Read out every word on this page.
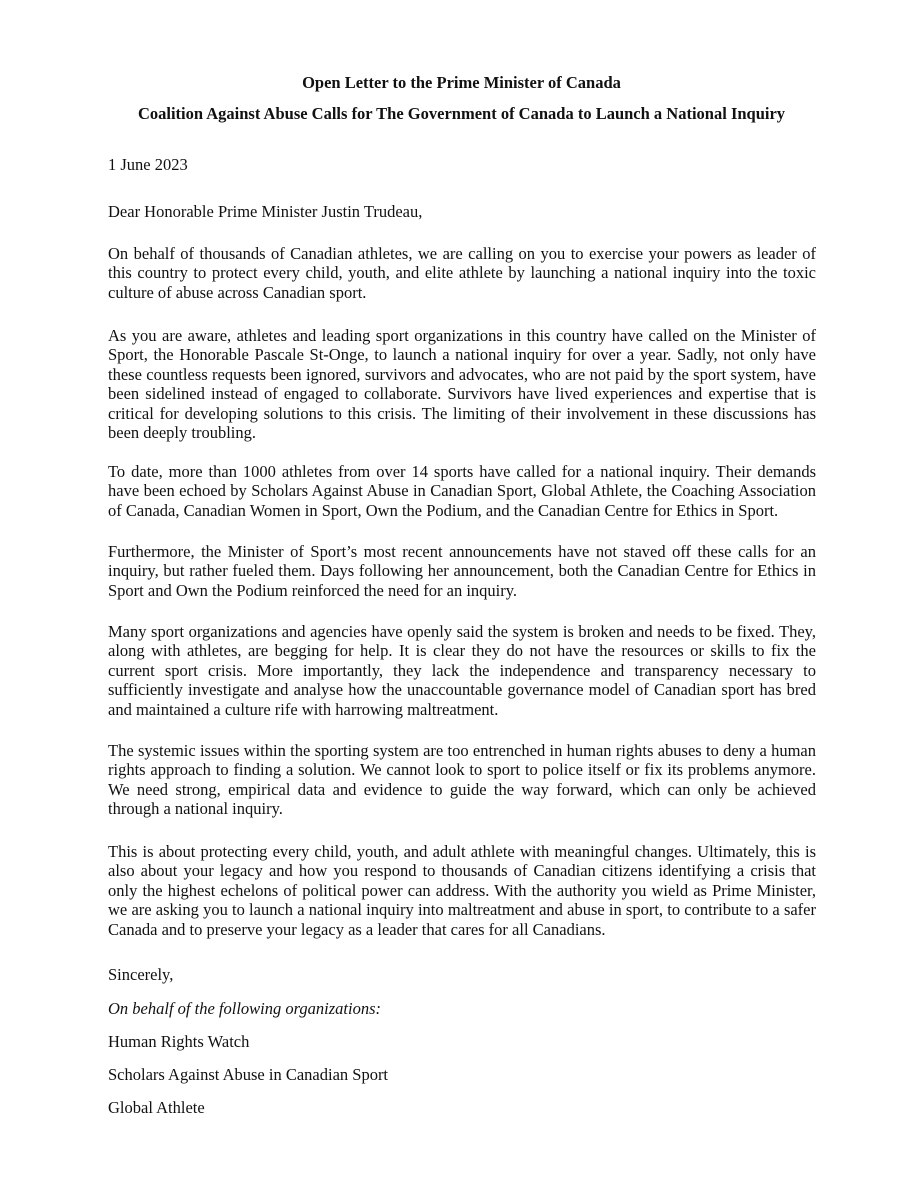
Open Letter to the Prime Minister of Canada
Coalition Against Abuse Calls for The Government of Canada to Launch a National Inquiry

1 June 2023

Dear Honorable Prime Minister Justin Trudeau,

On behalf of thousands of Canadian athletes, we are calling on you to exercise your powers as leader of this country to protect every child, youth, and elite athlete by launching a national inquiry into the toxic culture of abuse across Canadian sport.

As you are aware, athletes and leading sport organizations in this country have called on the Minister of Sport, the Honorable Pascale St-Onge, to launch a national inquiry for over a year. Sadly, not only have these countless requests been ignored, survivors and advocates, who are not paid by the sport system, have been sidelined instead of engaged to collaborate. Survivors have lived experiences and expertise that is critical for developing solutions to this crisis. The limiting of their involvement in these discussions has been deeply troubling.

To date, more than 1000 athletes from over 14 sports have called for a national inquiry. Their demands have been echoed by Scholars Against Abuse in Canadian Sport, Global Athlete, the Coaching Association of Canada, Canadian Women in Sport, Own the Podium, and the Canadian Centre for Ethics in Sport.

Furthermore, the Minister of Sport’s most recent announcements have not staved off these calls for an inquiry, but rather fueled them. Days following her announcement, both the Canadian Centre for Ethics in Sport and Own the Podium reinforced the need for an inquiry.

Many sport organizations and agencies have openly said the system is broken and needs to be fixed. They, along with athletes, are begging for help. It is clear they do not have the resources or skills to fix the current sport crisis. More importantly, they lack the independence and transparency necessary to sufficiently investigate and analyse how the unaccountable governance model of Canadian sport has bred and maintained a culture rife with harrowing maltreatment.

The systemic issues within the sporting system are too entrenched in human rights abuses to deny a human rights approach to finding a solution. We cannot look to sport to police itself or fix its problems anymore. We need strong, empirical data and evidence to guide the way forward, which can only be achieved through a national inquiry.

This is about protecting every child, youth, and adult athlete with meaningful changes. Ultimately, this is also about your legacy and how you respond to thousands of Canadian citizens identifying a crisis that only the highest echelons of political power can address. With the authority you wield as Prime Minister, we are asking you to launch a national inquiry into maltreatment and abuse in sport, to contribute to a safer Canada and to preserve your legacy as a leader that cares for all Canadians.

Sincerely,

On behalf of the following organizations:

Human Rights Watch

Scholars Against Abuse in Canadian Sport

Global Athlete
